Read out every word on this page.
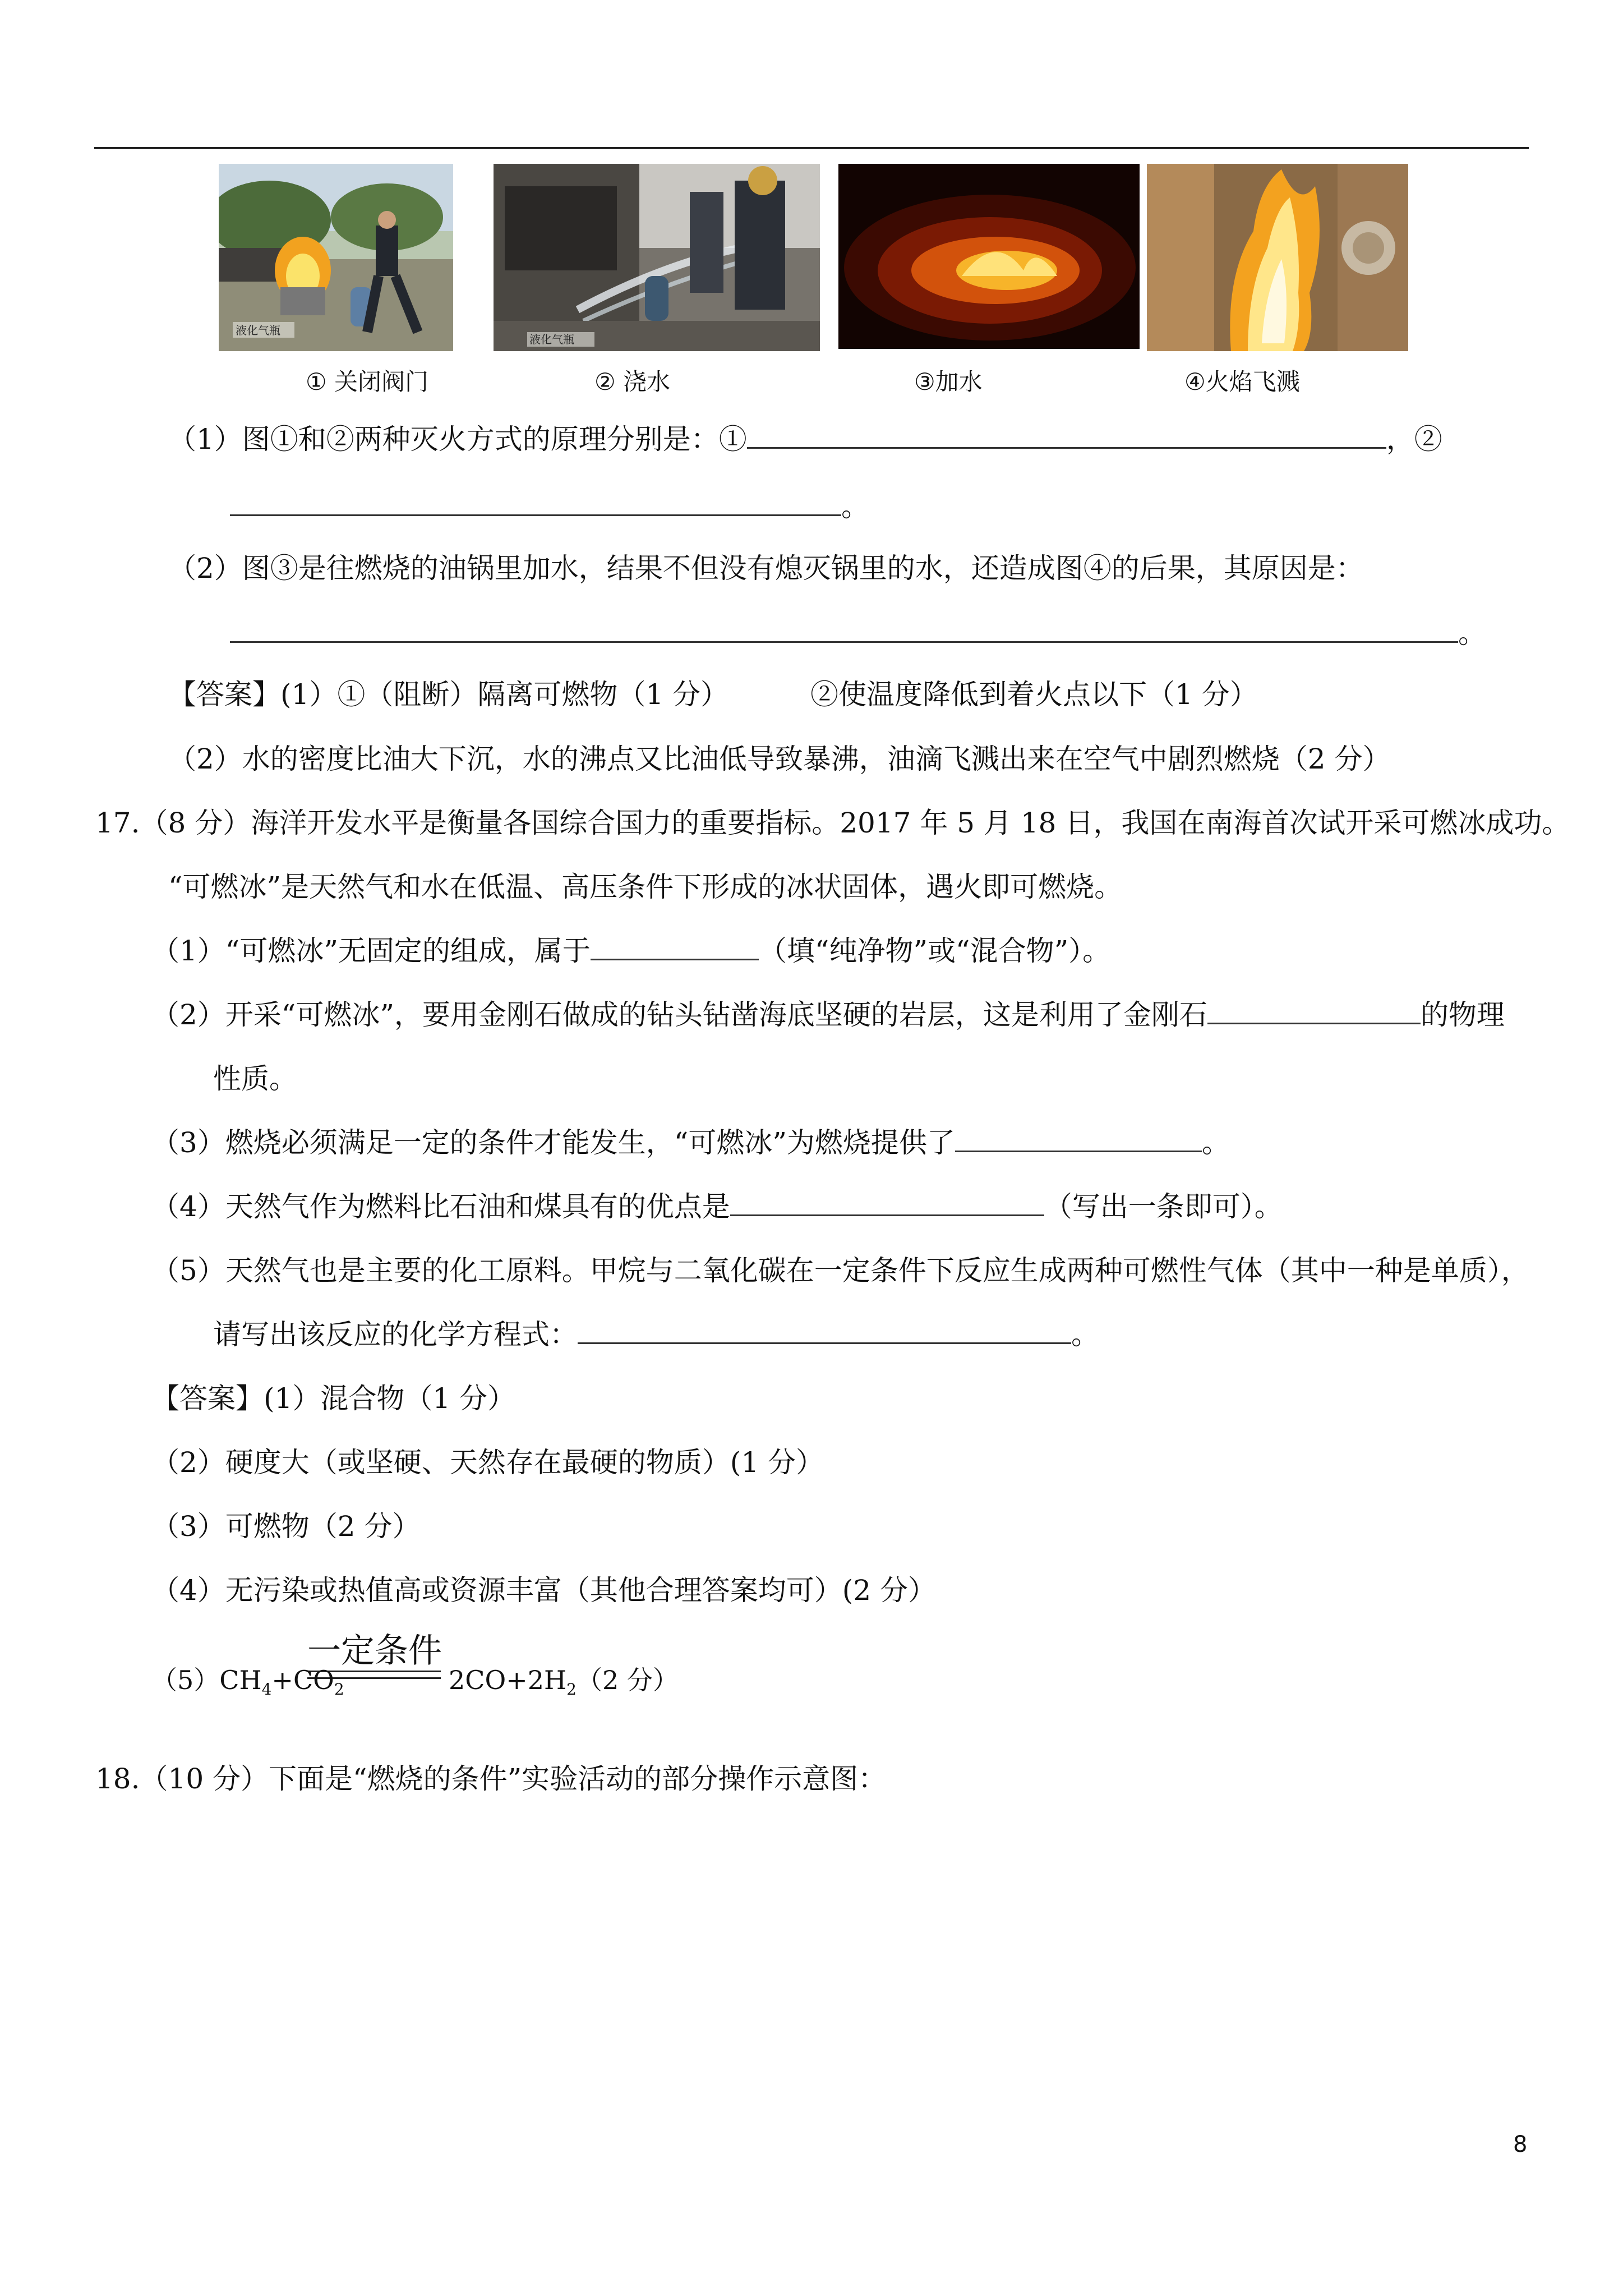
液化气瓶
液化气瓶
① 关闭阀门	② 浇水	③加水	④火焰飞溅
（1）图①和②两种灭火方式的原理分别是：①	，②
。
（2）图③是往燃烧的油锅里加水，结果不但没有熄灭锅里的水，还造成图④的后果，其原因是：
。
【答案】(1）①（阻断）隔离可燃物（1 分）	②使温度降低到着火点以下（1 分）
（2）水的密度比油大下沉，水的沸点又比油低导致暴沸，油滴飞溅出来在空气中剧烈燃烧（2 分）
17.（8 分）海洋开发水平是衡量各国综合国力的重要指标。2017 年 5 月 18 日，我国在南海首次试开采可燃冰成功。
“可燃冰”是天然气和水在低温、高压条件下形成的冰状固体，遇火即可燃烧。
（1）“可燃冰”无固定的组成，属于	（填“纯净物”或“混合物”）。
（2）开采“可燃冰”，要用金刚石做成的钻头钻凿海底坚硬的岩层，这是利用了金刚石	的物理
性质。
（3）燃烧必须满足一定的条件才能发生，“可燃冰”为燃烧提供了	。
（4）天然气作为燃料比石油和煤具有的优点是	（写出一条即可）。
（5）天然气也是主要的化工原料。甲烷与二氧化碳在一定条件下反应生成两种可燃性气体（其中一种是单质），
请写出该反应的化学方程式：	。
【答案】(1）混合物（1 分）
（2）硬度大（或坚硬、天然存在最硬的物质）(1 分）
（3）可燃物（2 分）
（4）无污染或热值高或资源丰富（其他合理答案均可）(2 分）
一定条件
$(5)CH_4+CO_2$	$2CO+2H_2(2$ 分）
18.（10 分）下面是“燃烧的条件”实验活动的部分操作示意图：
8
